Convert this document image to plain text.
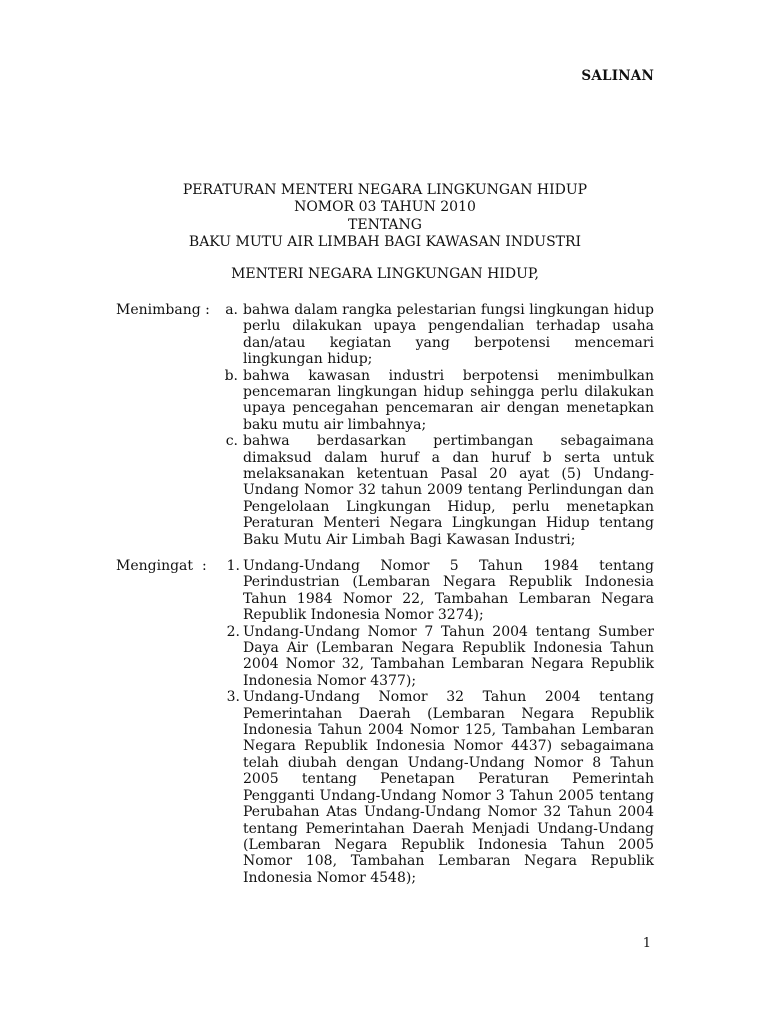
SALINAN
PERATURAN MENTERI NEGARA LINGKUNGAN HIDUP
NOMOR 03 TAHUN 2010
TENTANG
BAKU MUTU AIR LIMBAH BAGI KAWASAN INDUSTRI
MENTERI NEGARA LINGKUNGAN HIDUP,
Menimbang :	a. bahwa dalam rangka pelestarian fungsi lingkungan hidup perlu dilakukan upaya pengendalian terhadap usaha dan/atau kegiatan yang berpotensi mencemari lingkungan hidup;
b. bahwa kawasan industri berpotensi menimbulkan pencemaran lingkungan hidup sehingga perlu dilakukan upaya pencegahan pencemaran air dengan menetapkan baku mutu air limbahnya;
c. bahwa berdasarkan pertimbangan sebagaimana dimaksud dalam huruf a dan huruf b serta untuk melaksanakan ketentuan Pasal 20 ayat (5) Undang-Undang Nomor 32 tahun 2009 tentang Perlindungan dan Pengelolaan Lingkungan Hidup, perlu menetapkan Peraturan Menteri Negara Lingkungan Hidup tentang Baku Mutu Air Limbah Bagi Kawasan Industri;
Mengingat :	1. Undang-Undang Nomor 5 Tahun 1984 tentang Perindustrian (Lembaran Negara Republik Indonesia Tahun 1984 Nomor 22, Tambahan Lembaran Negara Republik Indonesia Nomor 3274);
2. Undang-Undang Nomor 7 Tahun 2004 tentang Sumber Daya Air (Lembaran Negara Republik Indonesia Tahun 2004 Nomor 32, Tambahan Lembaran Negara Republik Indonesia Nomor 4377);
3. Undang-Undang Nomor 32 Tahun 2004 tentang Pemerintahan Daerah (Lembaran Negara Republik Indonesia Tahun 2004 Nomor 125, Tambahan Lembaran Negara Republik Indonesia Nomor 4437) sebagaimana telah diubah dengan Undang-Undang Nomor 8 Tahun 2005 tentang Penetapan Peraturan Pemerintah Pengganti Undang-Undang Nomor 3 Tahun 2005 tentang Perubahan Atas Undang-Undang Nomor 32 Tahun 2004 tentang Pemerintahan Daerah Menjadi Undang-Undang (Lembaran Negara Republik Indonesia Tahun 2005 Nomor 108, Tambahan Lembaran Negara Republik Indonesia Nomor 4548);
1
